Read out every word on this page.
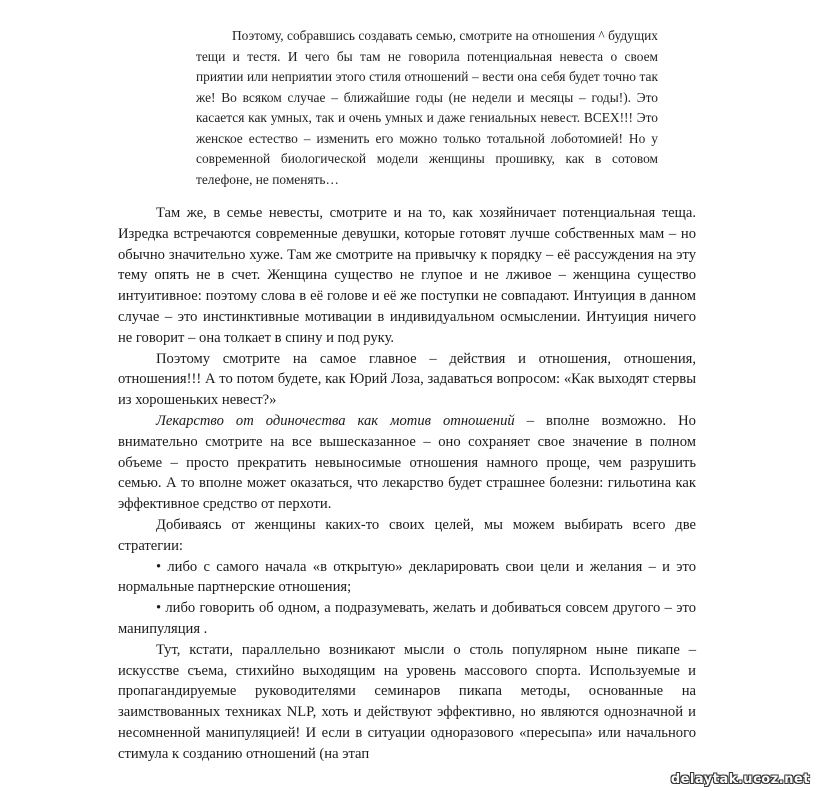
Поэтому, собравшись создавать семью, смотрите на отношения ^ будущих тещи и тестя. И чего бы там не говорила потенциальная невеста о своем приятии или неприятии этого стиля отношений – вести она себя будет точно так же! Во всяком случае – ближайшие годы (не недели и месяцы – годы!). Это касается как умных, так и очень умных и даже гениальных невест. ВСЕХ!!! Это женское естество – изменить его можно только тотальной лоботомией! Но у современной биологической модели женщины прошивку, как в сотовом телефоне, не поменять…

Там же, в семье невесты, смотрите и на то, как хозяйничает потенциальная теща. Изредка встречаются современные девушки, которые готовят лучше собственных мам – но обычно значительно хуже. Там же смотрите на привычку к порядку – её рассуждения на эту тему опять не в счет. Женщина существо не глупое и не лживое – женщина существо интуитивное: поэтому слова в её голове и её же поступки не совпадают. Интуиция в данном случае – это инстинктивные мотивации в индивидуальном осмыслении. Интуиция ничего не говорит – она толкает в спину и под руку.

Поэтому смотрите на самое главное – действия и отношения, отношения, отношения!!! А то потом будете, как Юрий Лоза, задаваться вопросом: «Как выходят стервы из хорошеньких невест?»

Лекарство от одиночества как мотив отношений – вполне возможно. Но внимательно смотрите на все вышесказанное – оно сохраняет свое значение в полном объеме – просто прекратить невыносимые отношения намного проще, чем разрушить семью. А то вполне может оказаться, что лекарство будет страшнее болезни: гильотина как эффективное средство от перхоти.

Добиваясь от женщины каких-то своих целей, мы можем выбирать всего две стратегии:

• либо с самого начала «в открытую» декларировать свои цели и желания – и это нормальные партнерские отношения;

• либо говорить об одном, а подразумевать, желать и добиваться совсем другого – это манипуляция .

Тут, кстати, параллельно возникают мысли о столь популярном ныне пикапе – искусстве съема, стихийно выходящим на уровень массового спорта. Используемые и пропагандируемые руководителями семинаров пикапа методы, основанные на заимствованных техниках NLP, хоть и действуют эффективно, но являются однозначной и несомненной манипуляцией! И если в ситуации одноразового «пересыпа» или начального стимула к созданию отношений (на этап

delaytak.ucoz.net
